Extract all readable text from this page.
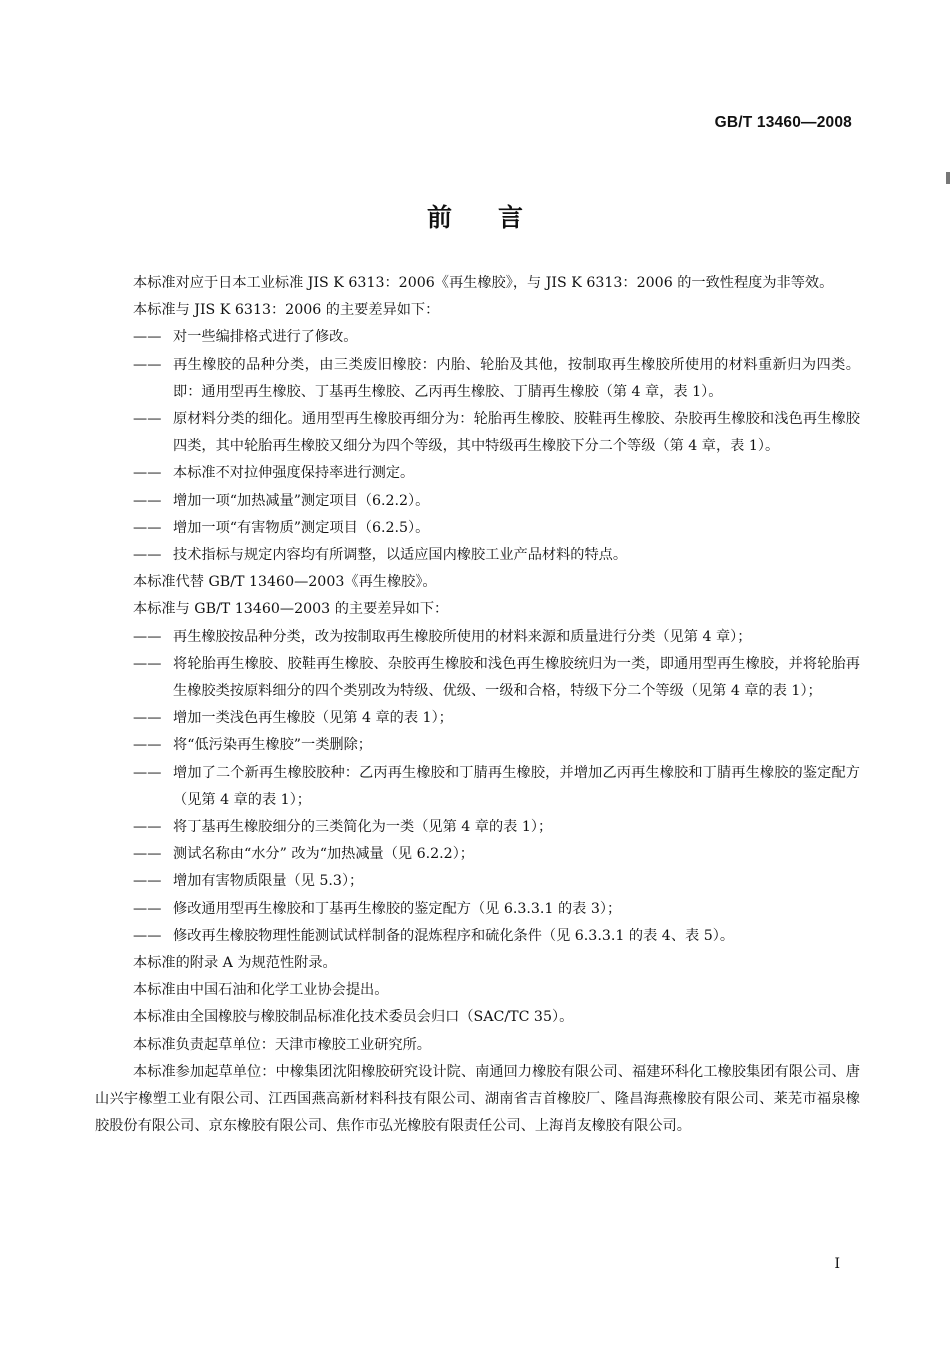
GB/T 13460—2008
前言

本标准对应于日本工业标准 JIS K 6313：2006《再生橡胶》，与 JIS K 6313：2006 的一致性程度为非等效。

本标准与 JIS K 6313：2006 的主要差异如下：

—— 对一些编排格式进行了修改。

—— 再生橡胶的品种分类，由三类废旧橡胶：内胎、轮胎及其他，按制取再生橡胶所使用的材料重新归为四类。即：通用型再生橡胶、丁基再生橡胶、乙丙再生橡胶、丁腈再生橡胶（第 4 章，表 1）。

—— 原材料分类的细化。通用型再生橡胶再细分为：轮胎再生橡胶、胶鞋再生橡胶、杂胶再生橡胶和浅色再生橡胶四类，其中轮胎再生橡胶又细分为四个等级，其中特级再生橡胶下分二个等级（第 4 章，表 1）。

—— 本标准不对拉伸强度保持率进行测定。

—— 增加一项“加热减量”测定项目（6.2.2）。

—— 增加一项“有害物质”测定项目（6.2.5）。

—— 技术指标与规定内容均有所调整，以适应国内橡胶工业产品材料的特点。

本标准代替 GB/T 13460—2003《再生橡胶》。

本标准与 GB/T 13460—2003 的主要差异如下：

—— 再生橡胶按品种分类，改为按制取再生橡胶所使用的材料来源和质量进行分类（见第 4 章）；

—— 将轮胎再生橡胶、胶鞋再生橡胶、杂胶再生橡胶和浅色再生橡胶统归为一类，即通用型再生橡胶，并将轮胎再生橡胶类按原料细分的四个类别改为特级、优级、一级和合格，特级下分二个等级（见第 4 章的表 1）；

—— 增加一类浅色再生橡胶（见第 4 章的表 1）；

—— 将“低污染再生橡胶”一类删除；

—— 增加了二个新再生橡胶胶种：乙丙再生橡胶和丁腈再生橡胶，并增加乙丙再生橡胶和丁腈再生橡胶的鉴定配方（见第 4 章的表 1）；

—— 将丁基再生橡胶细分的三类简化为一类（见第 4 章的表 1）；

—— 测试名称由“水分” 改为“加热减量（见 6.2.2）；

—— 增加有害物质限量（见 5.3）；

—— 修改通用型再生橡胶和丁基再生橡胶的鉴定配方（见 6.3.3.1 的表 3）；

—— 修改再生橡胶物理性能测试试样制备的混炼程序和硫化条件（见 6.3.3.1 的表 4、表 5）。

本标准的附录 A 为规范性附录。

本标准由中国石油和化学工业协会提出。

本标准由全国橡胶与橡胶制品标准化技术委员会归口（SAC/TC 35）。

本标准负责起草单位：天津市橡胶工业研究所。

本标准参加起草单位：中橡集团沈阳橡胶研究设计院、南通回力橡胶有限公司、福建环科化工橡胶集团有限公司、唐山兴宇橡塑工业有限公司、江西国燕高新材料科技有限公司、湖南省吉首橡胶厂、隆昌海燕橡胶有限公司、莱芜市福泉橡胶股份有限公司、京东橡胶有限公司、焦作市弘光橡胶有限责任公司、上海肖友橡胶有限公司。

I
